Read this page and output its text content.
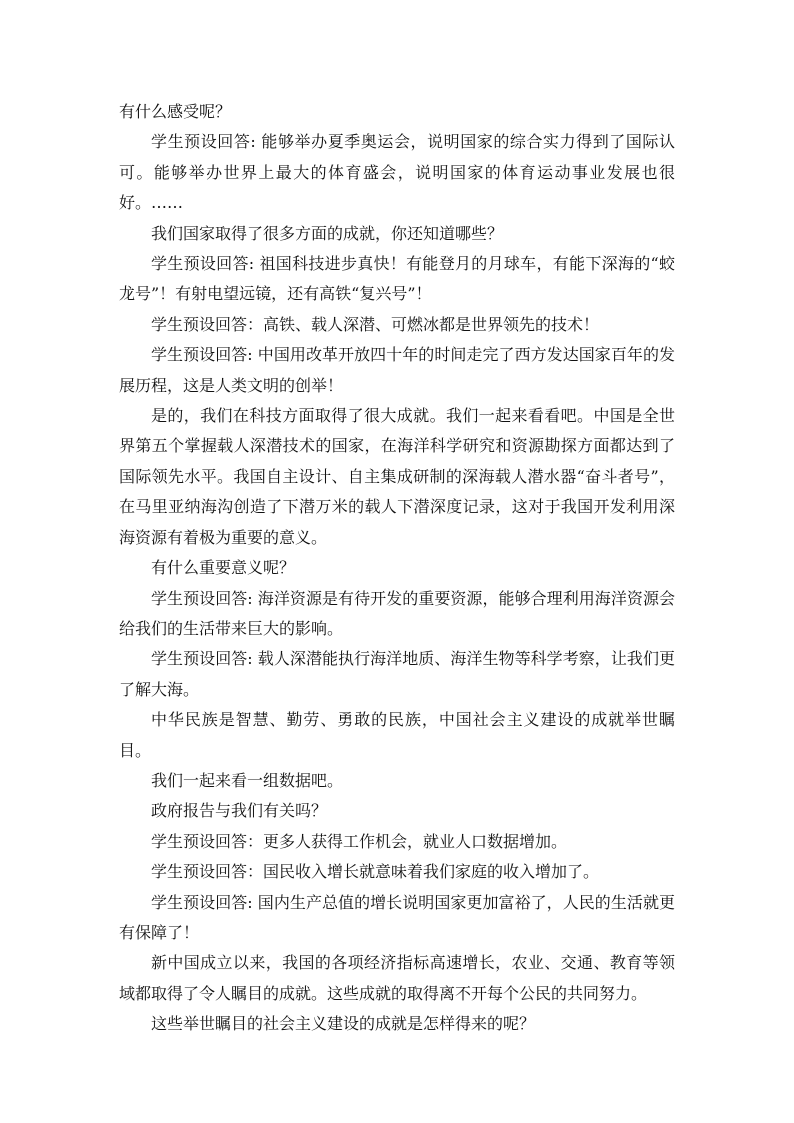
有什么感受呢？

学生预设回答: 能够举办夏季奥运会，说明国家的综合实力得到了国际认可。能够举办世界上最大的体育盛会，说明国家的体育运动事业发展也很好。……

我们国家取得了很多方面的成就，你还知道哪些？

学生预设回答: 祖国科技进步真快！有能登月的月球车，有能下深海的“蛟龙号”！有射电望远镜，还有高铁“复兴号”！

学生预设回答：高铁、载人深潜、可燃冰都是世界领先的技术！

学生预设回答: 中国用改革开放四十年的时间走完了西方发达国家百年的发展历程，这是人类文明的创举！

是的，我们在科技方面取得了很大成就。我们一起来看看吧。中国是全世界第五个掌握载人深潜技术的国家，在海洋科学研究和资源勘探方面都达到了国际领先水平。我国自主设计、自主集成研制的深海载人潜水器“奋斗者号”，在马里亚纳海沟创造了下潜万米的载人下潜深度记录，这对于我国开发利用深海资源有着极为重要的意义。

有什么重要意义呢？

学生预设回答: 海洋资源是有待开发的重要资源，能够合理利用海洋资源会给我们的生活带来巨大的影响。

学生预设回答: 载人深潜能执行海洋地质、海洋生物等科学考察，让我们更了解大海。

中华民族是智慧、勤劳、勇敢的民族，中国社会主义建设的成就举世瞩目。

我们一起来看一组数据吧。

政府报告与我们有关吗？

学生预设回答：更多人获得工作机会，就业人口数据增加。

学生预设回答：国民收入增长就意味着我们家庭的收入增加了。

学生预设回答: 国内生产总值的增长说明国家更加富裕了，人民的生活就更有保障了！

新中国成立以来，我国的各项经济指标高速增长，农业、交通、教育等领域都取得了令人瞩目的成就。这些成就的取得离不开每个公民的共同努力。

这些举世瞩目的社会主义建设的成就是怎样得来的呢？
